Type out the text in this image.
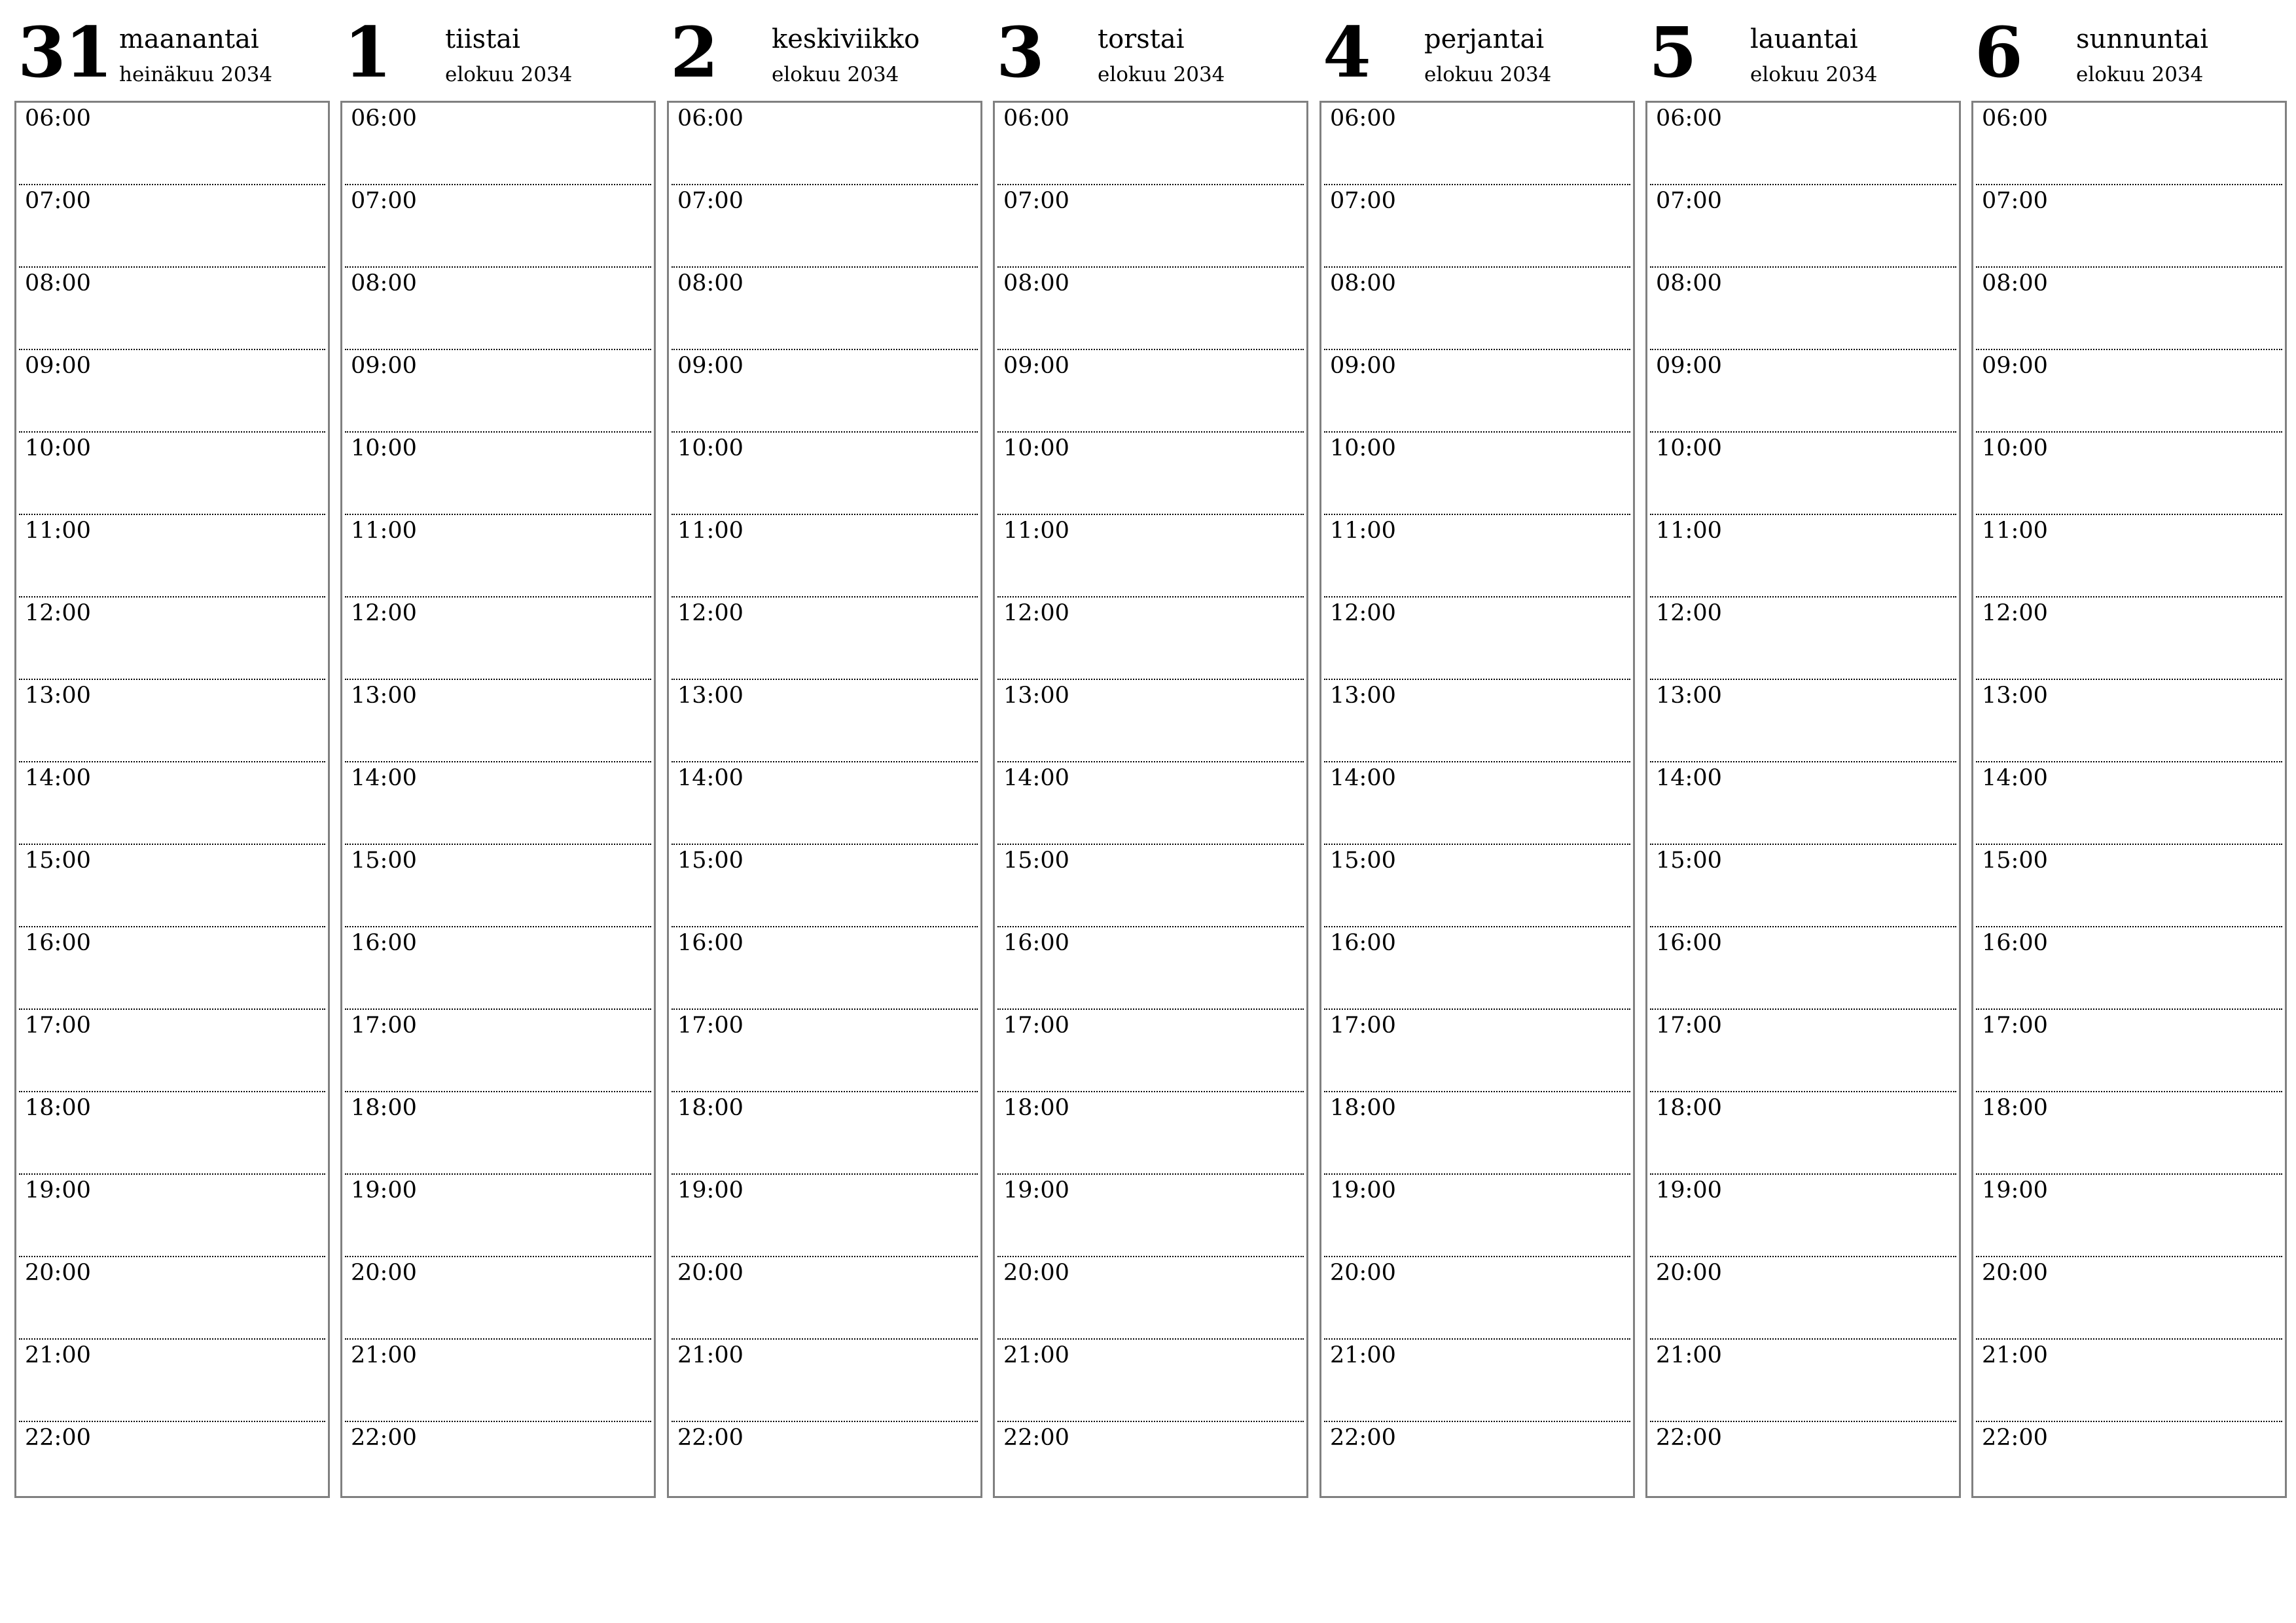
31 maanantai
heinäkuu 2034
06:00
07:00
08:00
09:00
10:00
11:00
12:00
13:00
14:00
15:00
16:00
17:00
18:00
19:00
20:00
21:00
22:00
1 tiistai
elokuu 2034
06:00
07:00
08:00
09:00
10:00
11:00
12:00
13:00
14:00
15:00
16:00
17:00
18:00
19:00
20:00
21:00
22:00
2 keskiviikko
elokuu 2034
06:00
07:00
08:00
09:00
10:00
11:00
12:00
13:00
14:00
15:00
16:00
17:00
18:00
19:00
20:00
21:00
22:00
3 torstai
elokuu 2034
06:00
07:00
08:00
09:00
10:00
11:00
12:00
13:00
14:00
15:00
16:00
17:00
18:00
19:00
20:00
21:00
22:00
4 perjantai
elokuu 2034
06:00
07:00
08:00
09:00
10:00
11:00
12:00
13:00
14:00
15:00
16:00
17:00
18:00
19:00
20:00
21:00
22:00
5 lauantai
elokuu 2034
06:00
07:00
08:00
09:00
10:00
11:00
12:00
13:00
14:00
15:00
16:00
17:00
18:00
19:00
20:00
21:00
22:00
6 sunnuntai
elokuu 2034
06:00
07:00
08:00
09:00
10:00
11:00
12:00
13:00
14:00
15:00
16:00
17:00
18:00
19:00
20:00
21:00
22:00
